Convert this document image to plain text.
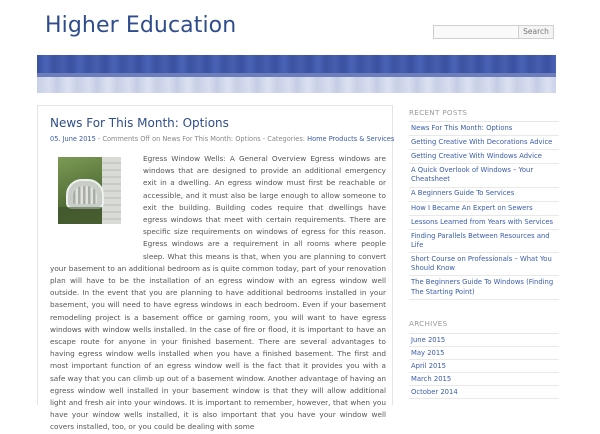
Higher Education	Search
News For This Month: Options
05. June 2015 - Comments Off on News For This Month: Options - Categories: Home Products & Services
Egress Window Wells: A General Overview Egress windows are windows that are designed to provide an additional emergency exit in a dwelling. An egress window must first be reachable or accessible, and it must also be large enough to allow someone to exit the building. Building codes require that dwellings have egress windows that meet with certain requirements. There are specific size requirements on windows of egress for this reason. Egress windows are a requirement in all rooms where people sleep. What this means is that, when you are planning to convert your basement to an additional bedroom as is quite common today, part of your renovation plan will have to be the installation of an egress window with an egress window well outside. In the event that you are planning to have additional bedrooms installed in your basement, you will need to have egress windows in each bedroom. Even if your basement remodeling project is a basement office or gaming room, you will want to have egress windows with window wells installed. In the case of fire or flood, it is important to have an escape route for anyone in your finished basement. There are several advantages to having egress window wells installed when you have a finished basement. The first and most important function of an egress window well is the fact that it provides you with a safe way that you can climb up out of a basement window. Another advantage of having an egress window well installed in your basement window is that they will allow additional light and fresh air into your windows. It is important to remember, however, that when you have your window wells installed, it is also important that you have your window well covers installed, too, or you could be dealing with some
RECENT POSTS
News For This Month: Options
Getting Creative With Decorations Advice
Getting Creative With Windows Advice
A Quick Overlook of Windows – Your Cheatsheet
A Beginners Guide To Services
How I Became An Expert on Sewers
Lessons Learned from Years with Services
Finding Parallels Between Resources and Life
Short Course on Professionals – What You Should Know
The Beginners Guide To Windows (Finding The Starting Point)
ARCHIVES
June 2015
May 2015
April 2015
March 2015
October 2014
